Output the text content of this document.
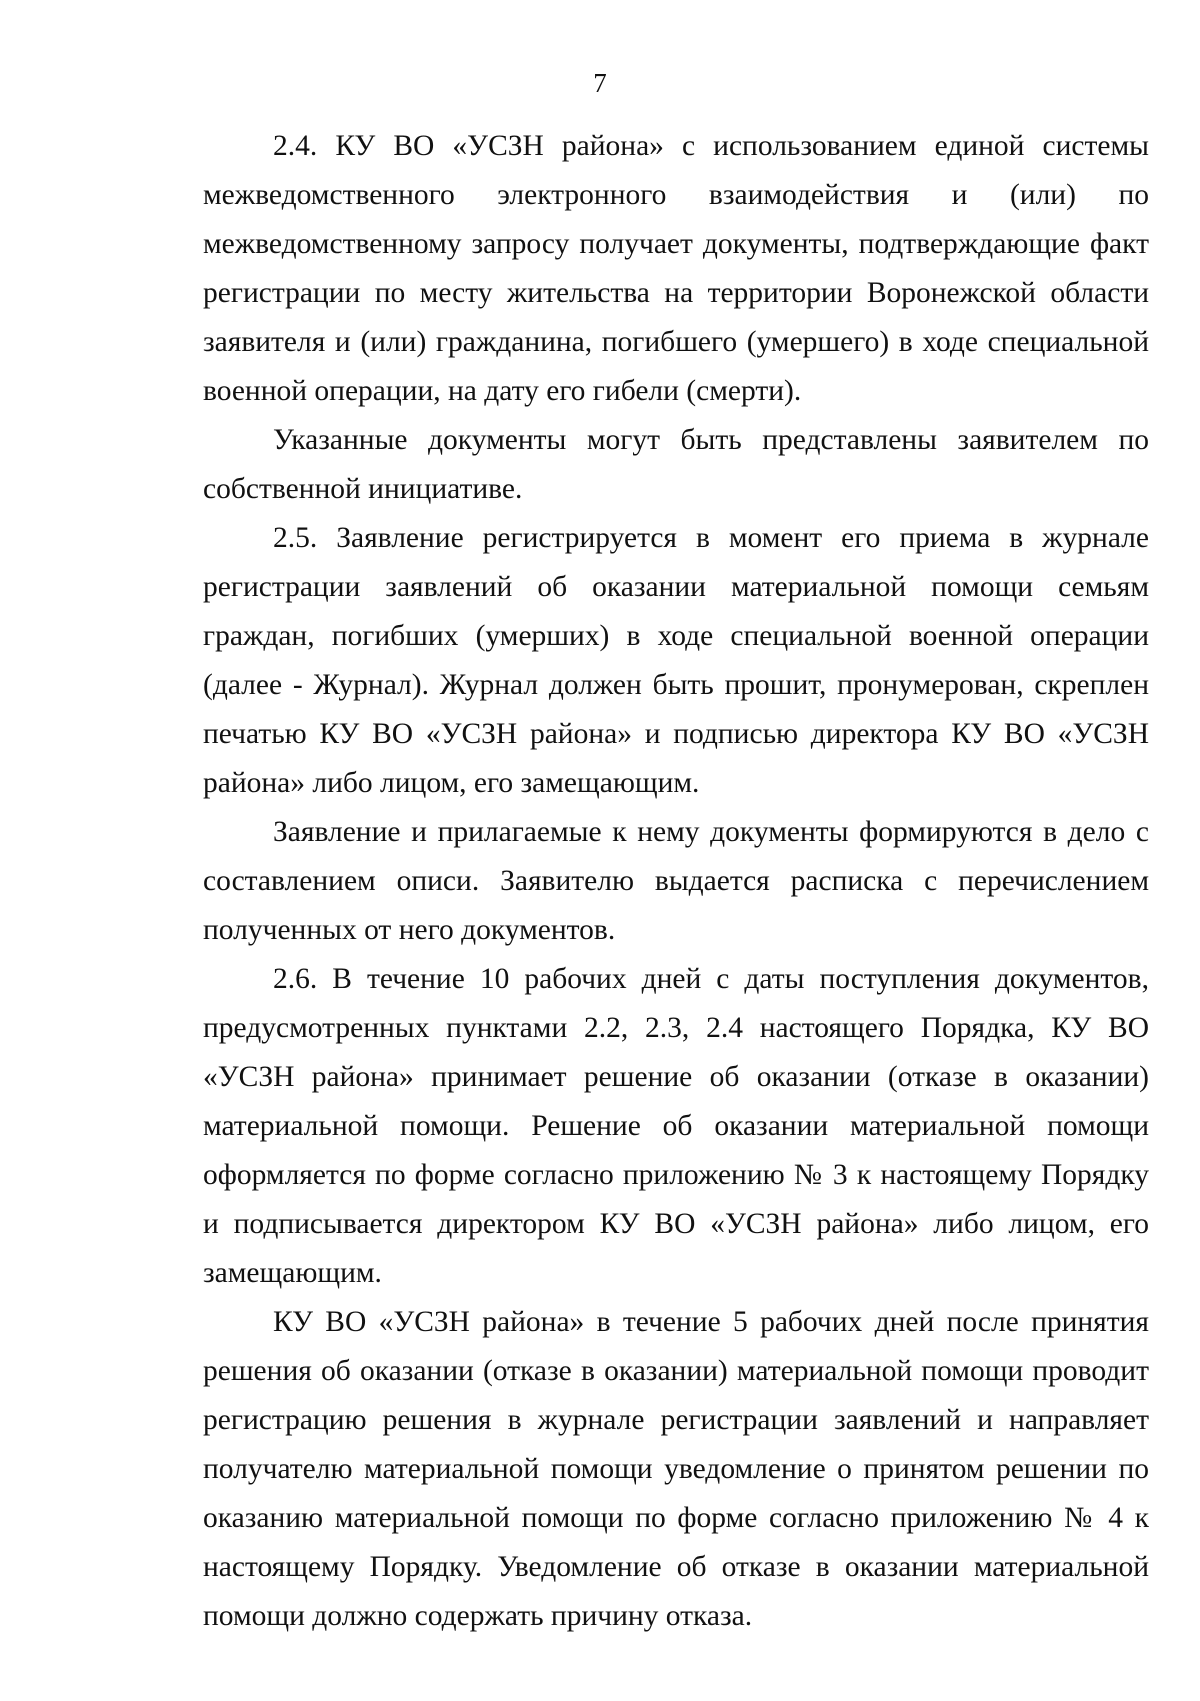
7

2.4. КУ ВО «УСЗН района» с использованием единой системы межведомственного электронного взаимодействия и (или) по межведомственному запросу получает документы, подтверждающие факт регистрации по месту жительства на территории Воронежской области заявителя и (или) гражданина, погибшего (умершего) в ходе специальной военной операции, на дату его гибели (смерти).

Указанные документы могут быть представлены заявителем по собственной инициативе.

2.5. Заявление регистрируется в момент его приема в журнале регистрации заявлений об оказании материальной помощи семьям граждан, погибших (умерших) в ходе специальной военной операции (далее - Журнал). Журнал должен быть прошит, пронумерован, скреплен печатью КУ ВО «УСЗН района» и подписью директора КУ ВО «УСЗН района» либо лицом, его замещающим.

Заявление и прилагаемые к нему документы формируются в дело с составлением описи. Заявителю выдается расписка с перечислением полученных от него документов.

2.6. В течение 10 рабочих дней с даты поступления документов, предусмотренных пунктами 2.2, 2.3, 2.4 настоящего Порядка, КУ ВО «УСЗН района» принимает решение об оказании (отказе в оказании) материальной помощи. Решение об оказании материальной помощи оформляется по форме согласно приложению № 3 к настоящему Порядку и подписывается директором КУ ВО «УСЗН района» либо лицом, его замещающим.

КУ ВО «УСЗН района» в течение 5 рабочих дней после принятия решения об оказании (отказе в оказании) материальной помощи проводит регистрацию решения в журнале регистрации заявлений и направляет получателю материальной помощи уведомление о принятом решении по оказанию материальной помощи по форме согласно приложению № 4 к настоящему Порядку. Уведомление об отказе в оказании материальной помощи должно содержать причину отказа.
